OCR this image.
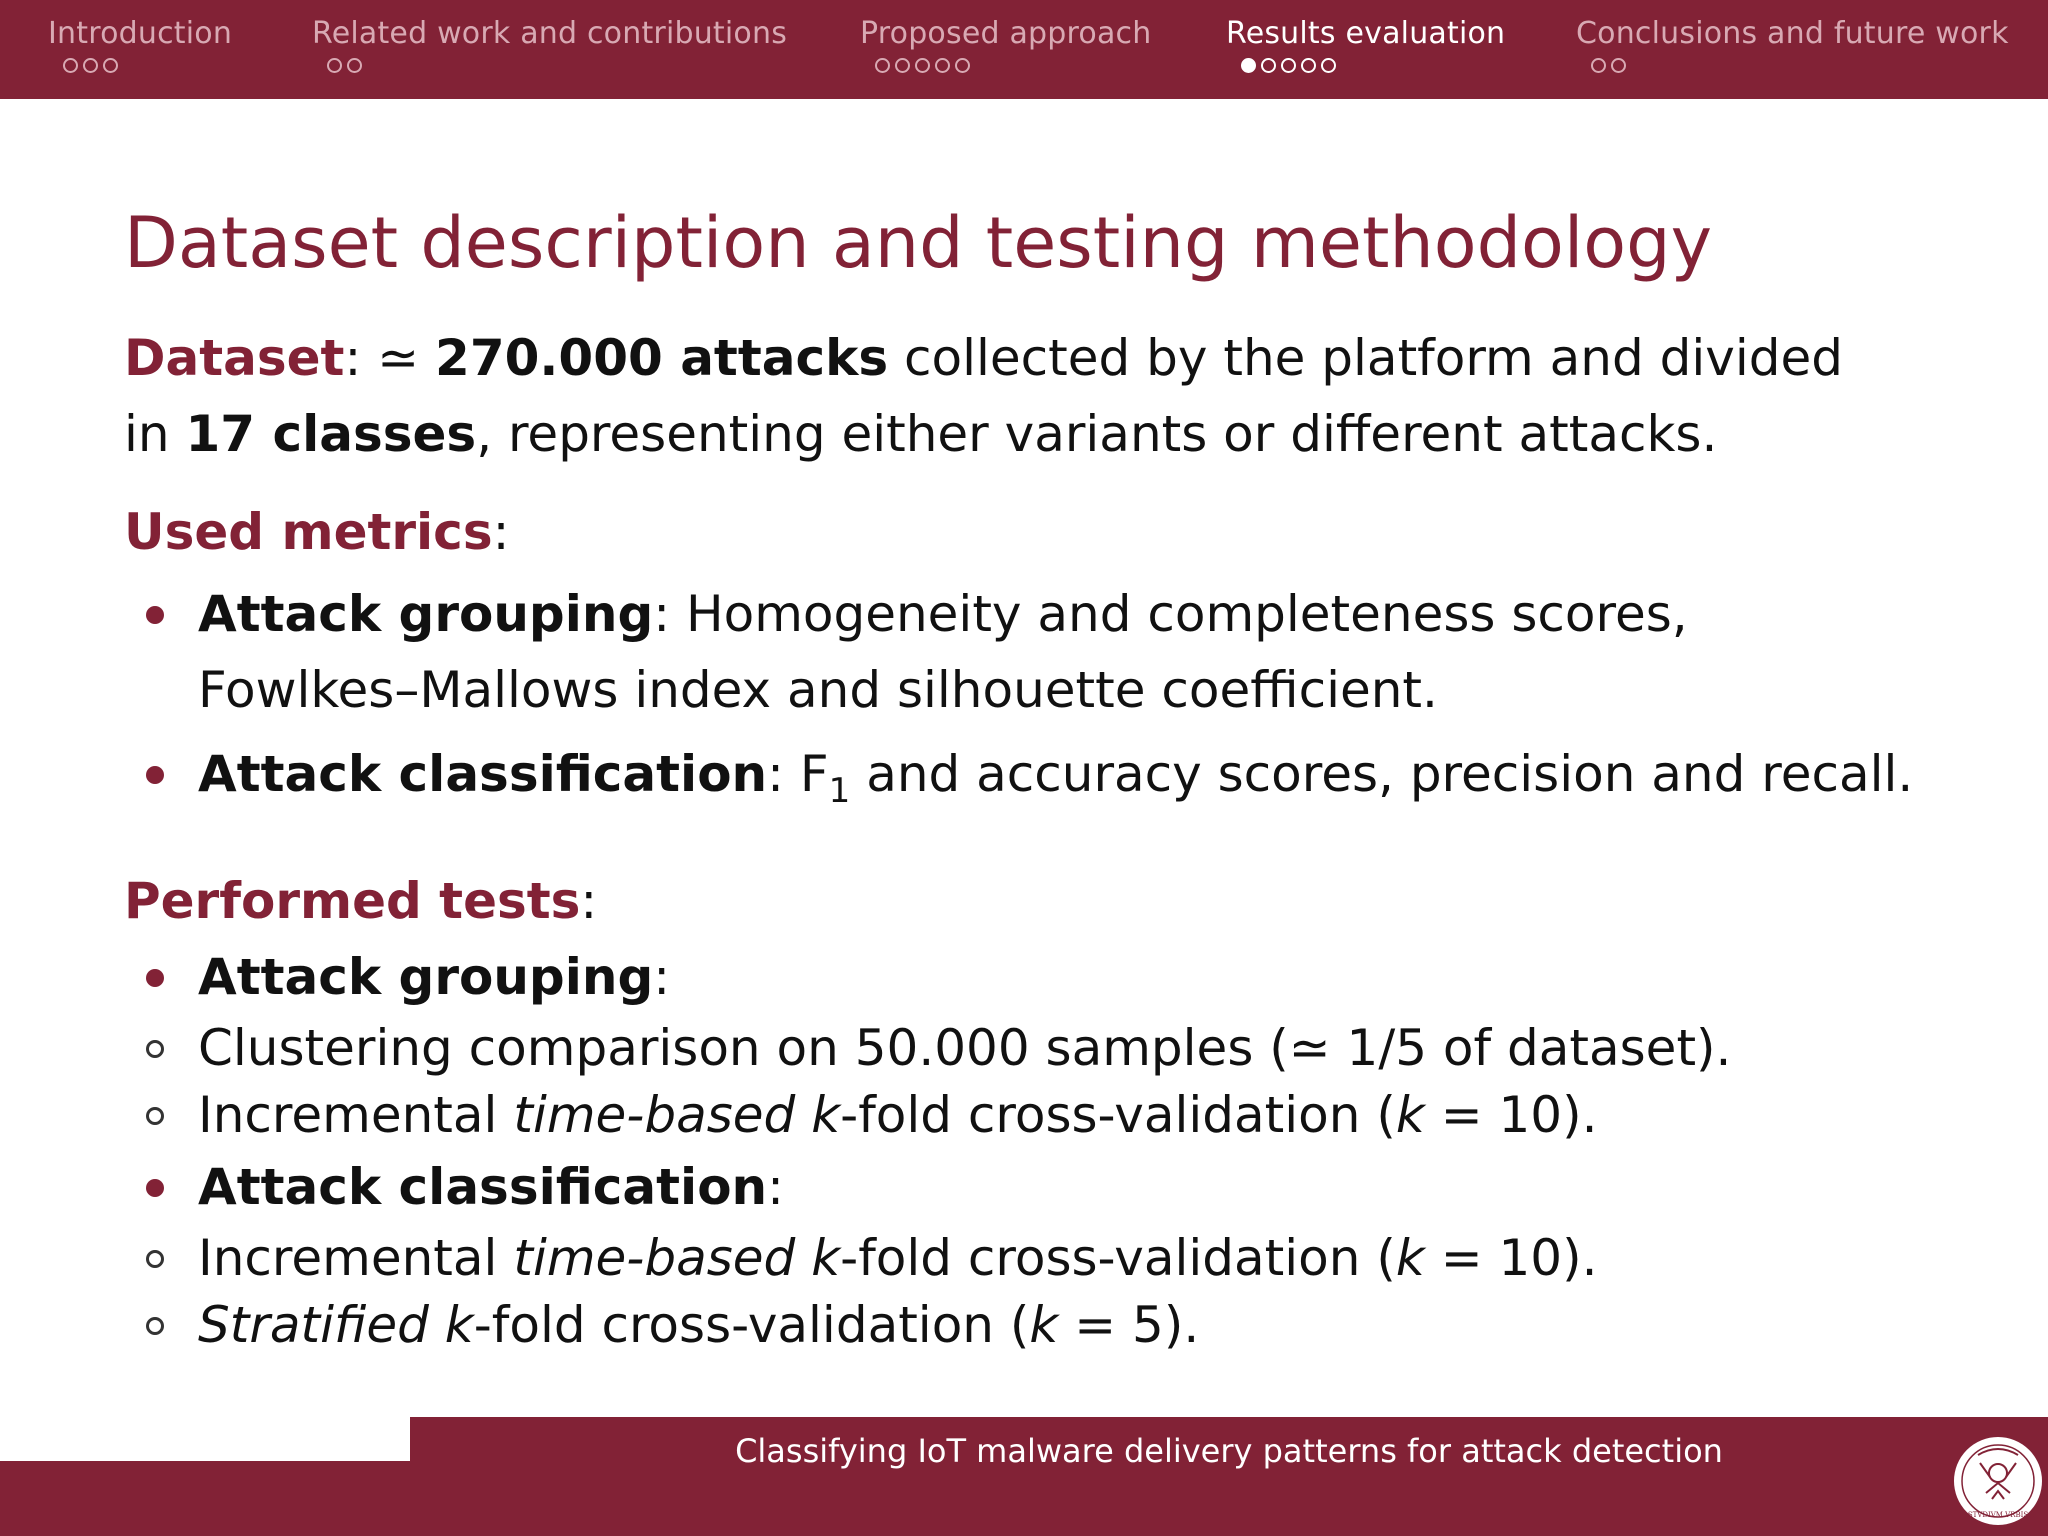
Introduction	Related work and contributions Proposed approach Results evaluation Conclusions and future work
Dataset description and testing methodology
Dataset: ≃ 270.000 attacks collected by the platform and divided
in 17 classes, representing either variants or different attacks.
Used metrics:
Attack grouping: Homogeneity and completeness scores,
Fowlkes–Mallows index and silhouette coefficient.
Attack classification: $F_1$ and accuracy scores, precision and recall.
Performed tests:
Attack grouping:
Clustering comparison on 50.000 samples (≃ 1/5 of dataset).
Incremental time-based k-fold cross-validation (k = 10).
Attack classification:
Incremental time-based k-fold cross-validation (k = 10).
Stratified k-fold cross-validation (k = 5).
Classifying IoT malware delivery patterns for attack detection
STVDIVM VRBIS
